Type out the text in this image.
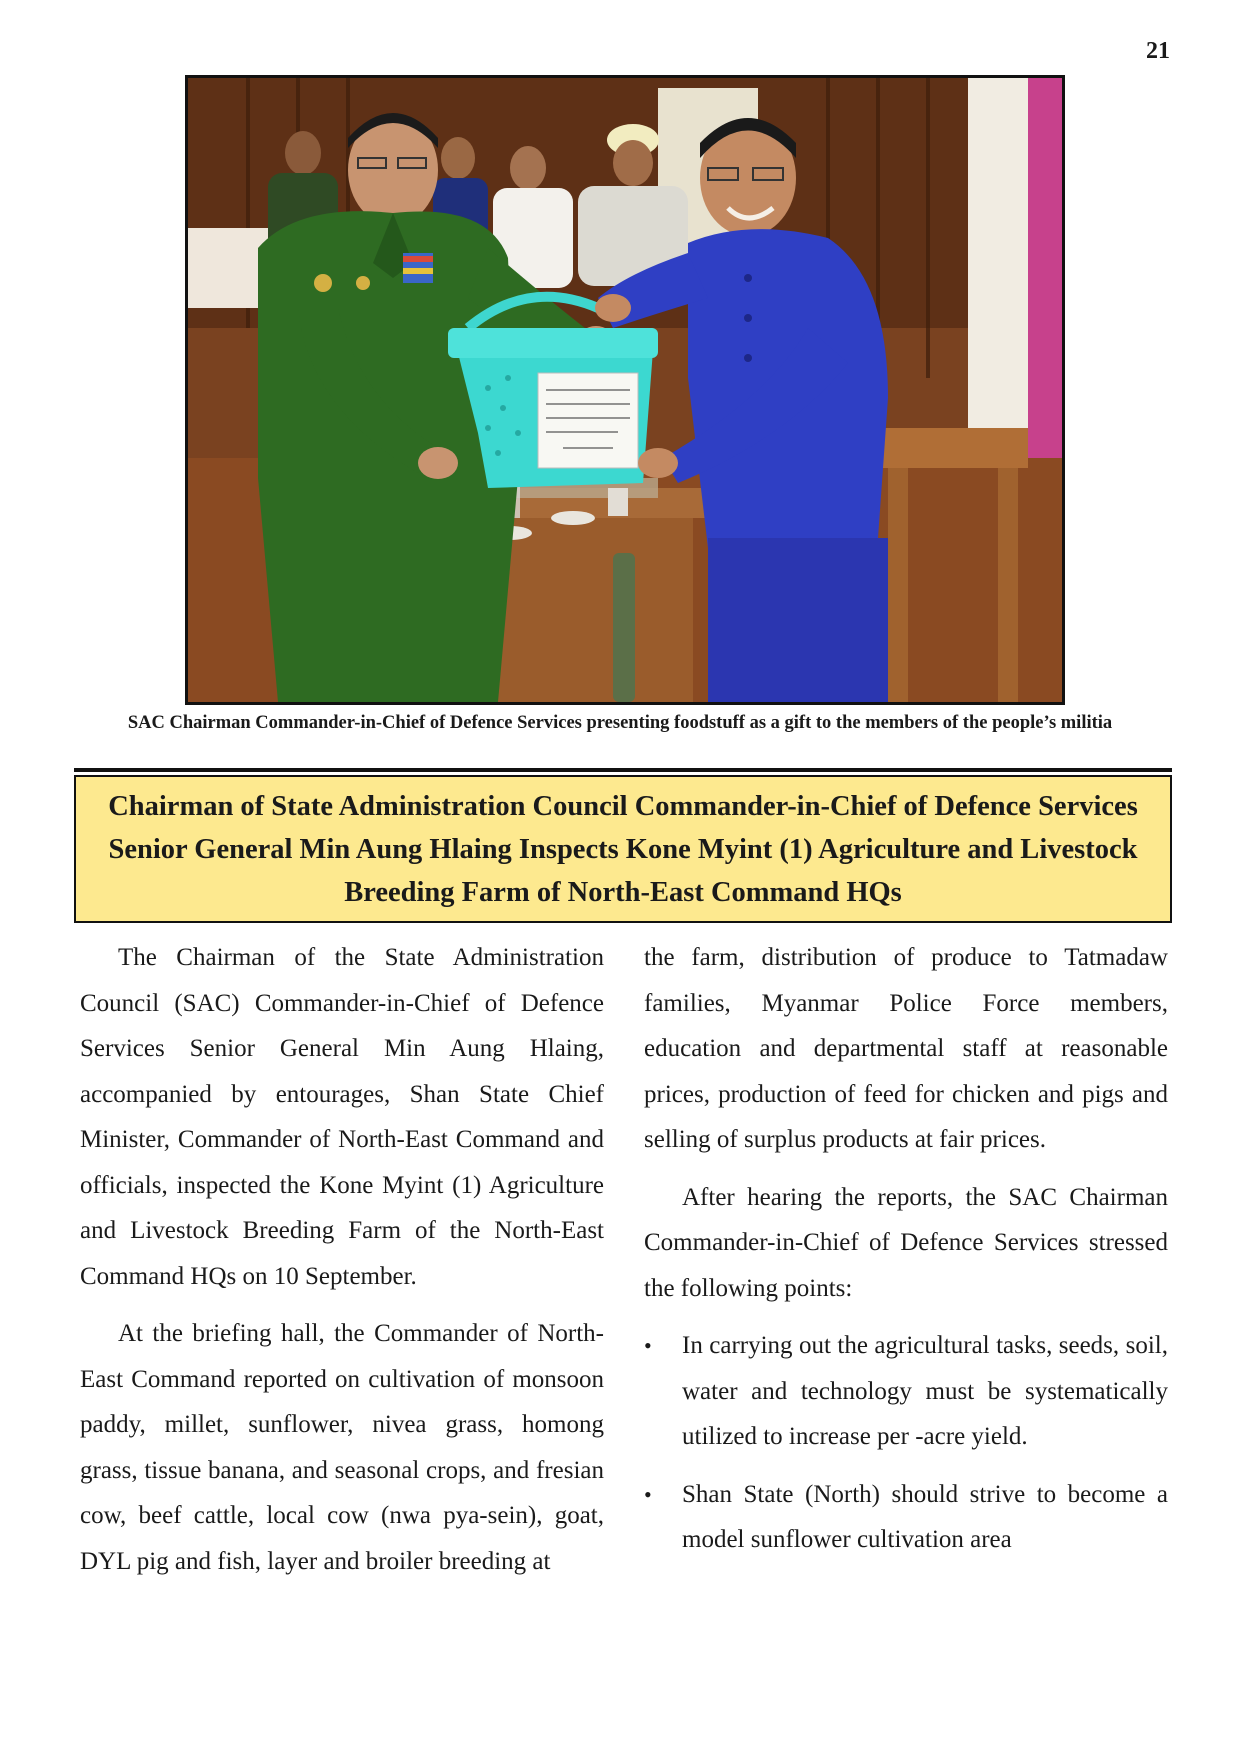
21
SAC Chairman Commander-in-Chief of Defence Services presenting foodstuff as a gift to the members of the people’s militia
Chairman of State Administration Council Commander-in-Chief of Defence Services Senior General Min Aung Hlaing Inspects Kone Myint (1) Agriculture and Livestock Breeding Farm of North-East Command HQs

The Chairman of the State Administration Council (SAC) Commander-in-Chief of Defence Services Senior General Min Aung Hlaing, accompanied by entourages, Shan State Chief Minister, Commander of North-East Command and officials, inspected the Kone Myint (1) Agriculture and Livestock Breeding Farm of the North-East Command HQs on 10 September.

At the briefing hall, the Commander of North-East Command reported on cultivation of monsoon paddy, millet, sunflower, nivea grass, homong grass, tissue banana, and seasonal crops, and fresian cow, beef cattle, local cow (nwa pya-sein), goat, DYL pig and fish, layer and broiler breeding at

the farm, distribution of produce to Tatmadaw families, Myanmar Police Force members, education and departmental staff at reasonable prices, production of feed for chicken and pigs and selling of surplus products at fair prices.

After hearing the reports, the SAC Chairman Commander-in-Chief of Defence Services stressed the following points:

• In carrying out the agricultural tasks, seeds, soil, water and technology must be systematically utilized to increase per -acre yield.
• Shan State (North) should strive to become a model sunflower cultivation area
